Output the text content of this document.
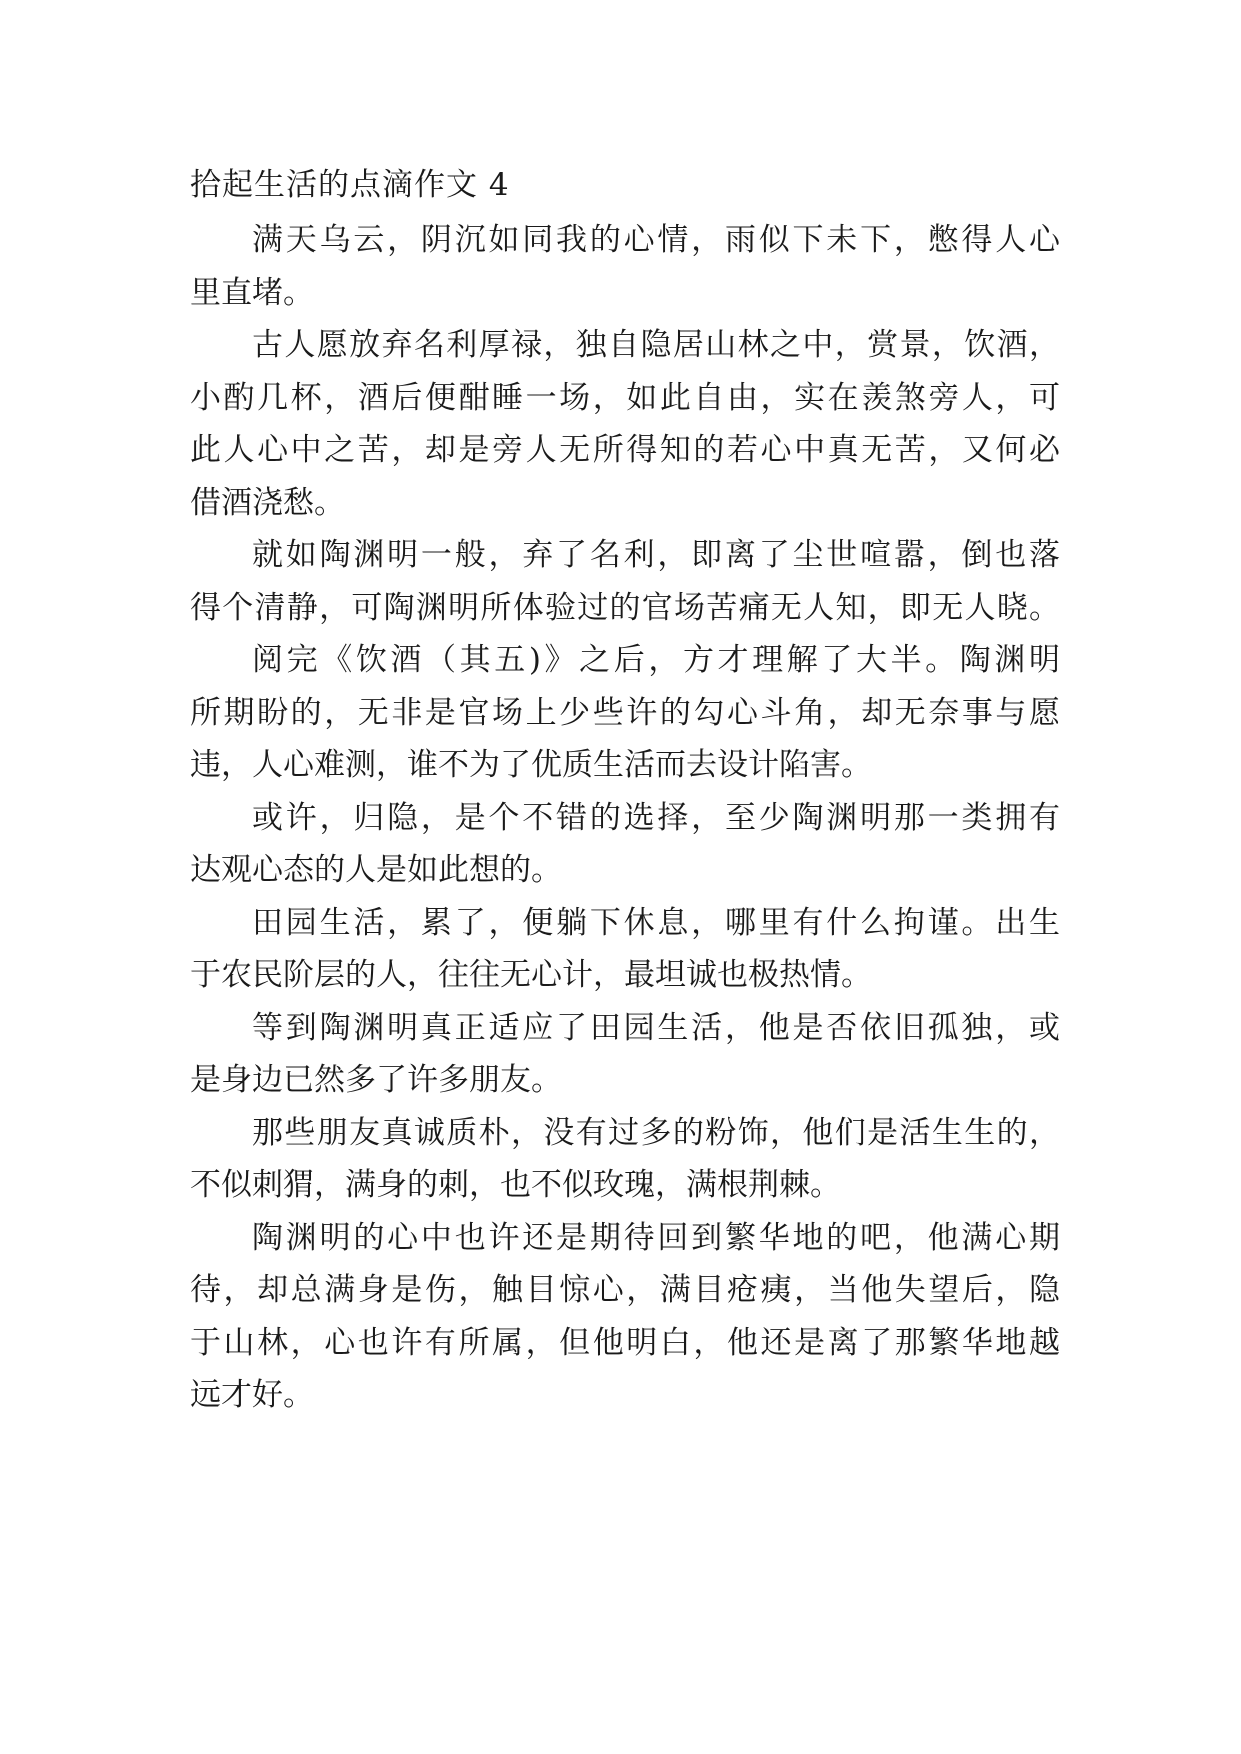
拾起生活的点滴作文 4
满天乌云，阴沉如同我的心情，雨似下未下，憋得人心
里直堵。
古人愿放弃名利厚禄，独自隐居山林之中，赏景，饮酒，
小酌几杯，酒后便酣睡一场，如此自由，实在羡煞旁人，可
此人心中之苦，却是旁人无所得知的若心中真无苦，又何必
借酒浇愁。
就如陶渊明一般，弃了名利，即离了尘世喧嚣，倒也落
得个清静，可陶渊明所体验过的官场苦痛无人知，即无人晓。
阅完《饮酒（其五)》之后，方才理解了大半。陶渊明
所期盼的，无非是官场上少些许的勾心斗角，却无奈事与愿
违，人心难测，谁不为了优质生活而去设计陷害。
或许，归隐，是个不错的选择，至少陶渊明那一类拥有
达观心态的人是如此想的。
田园生活，累了，便躺下休息，哪里有什么拘谨。出生
于农民阶层的人，往往无心计，最坦诚也极热情。
等到陶渊明真正适应了田园生活，他是否依旧孤独，或
是身边已然多了许多朋友。
那些朋友真诚质朴，没有过多的粉饰，他们是活生生的，
不似刺猬，满身的刺，也不似玫瑰，满根荆棘。
陶渊明的心中也许还是期待回到繁华地的吧，他满心期
待，却总满身是伤，触目惊心，满目疮痍，当他失望后，隐
于山林，心也许有所属，但他明白，他还是离了那繁华地越
远才好。
